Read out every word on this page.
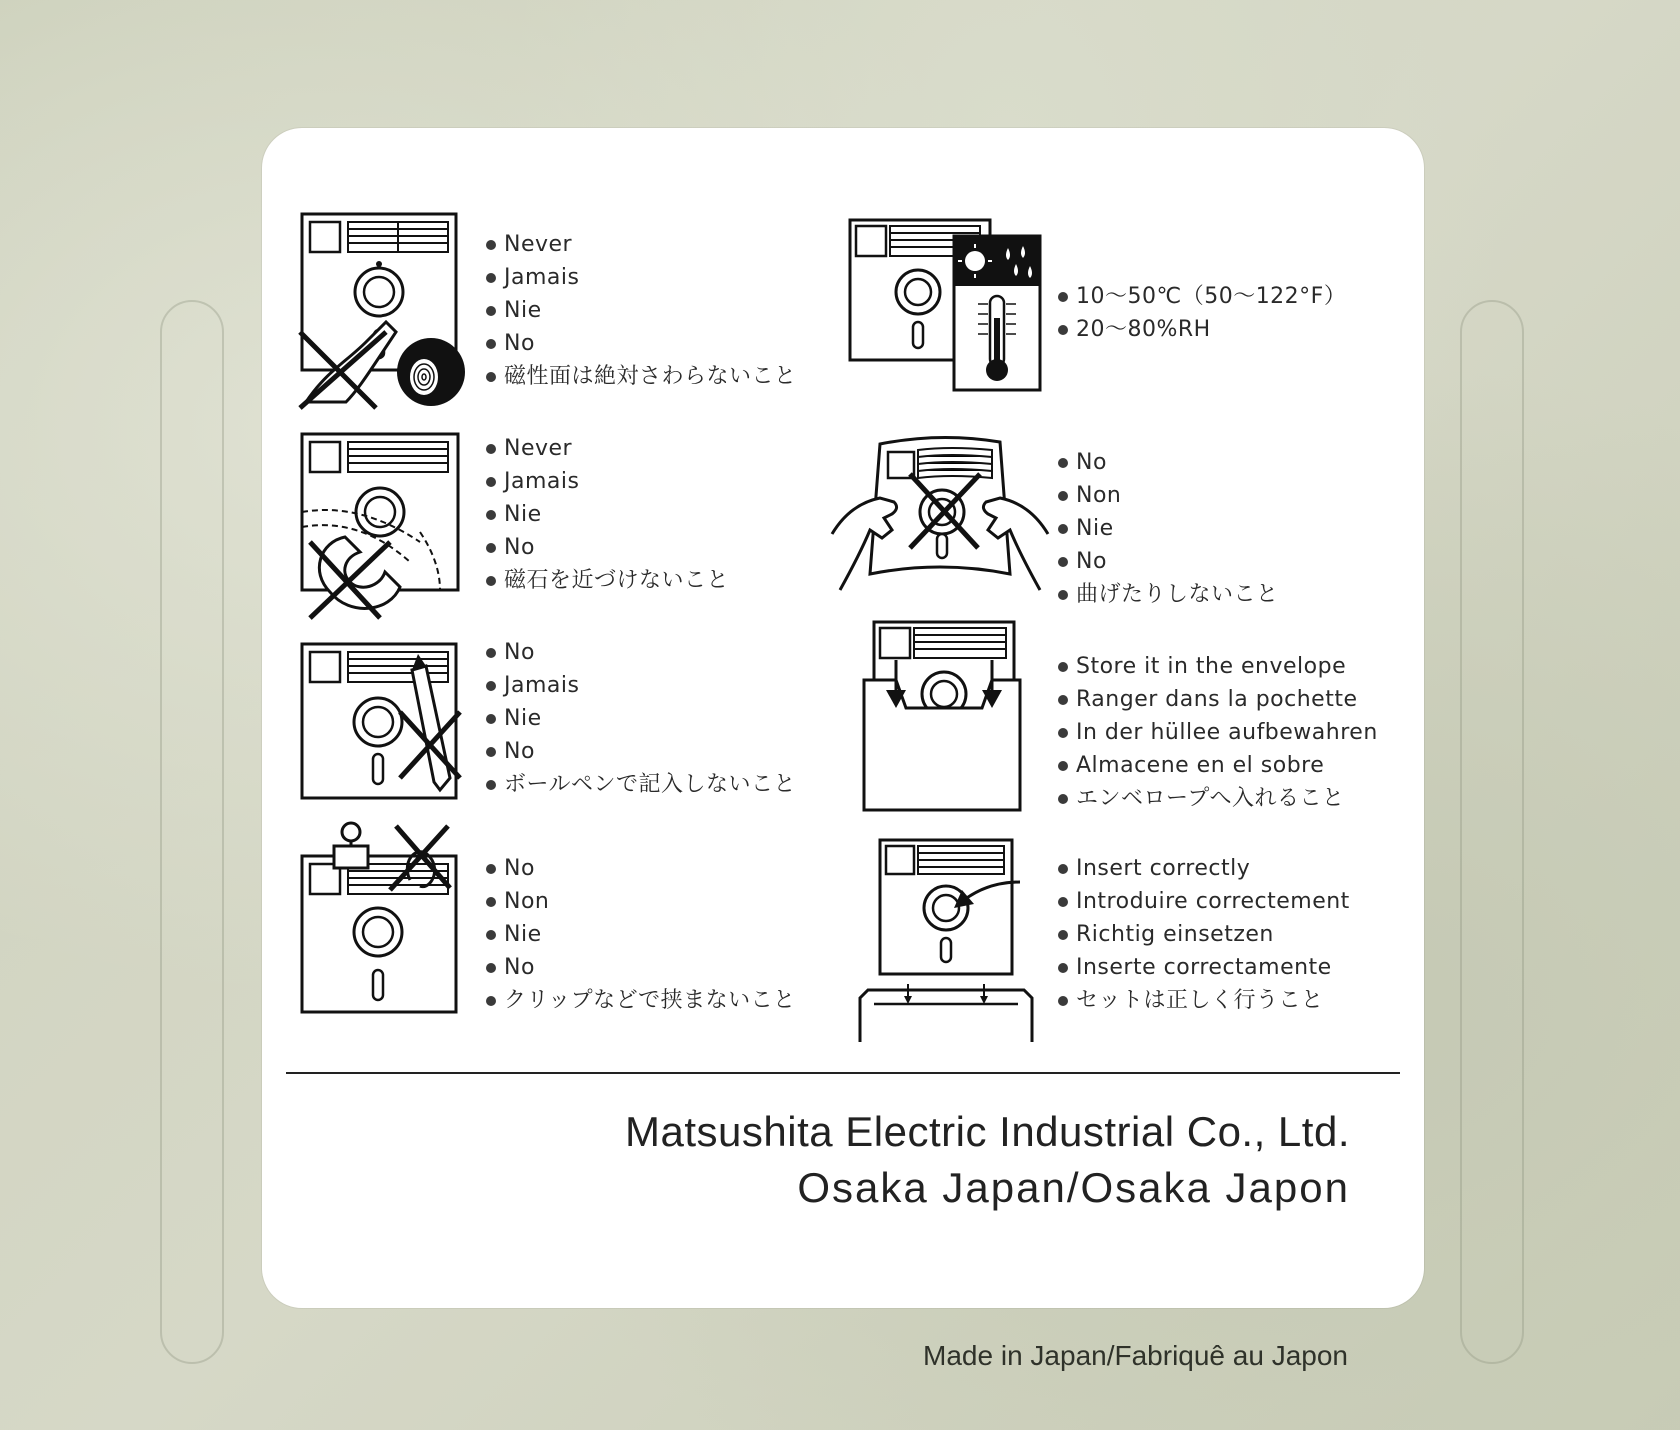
Never
Jamais
Nie
No
磁性面は絶対さわらないこと
Never
Jamais
Nie
No
磁石を近づけないこと
No
Jamais
Nie
No
ボールペンで記入しないこと
No
Non
Nie
No
クリップなどで挟まないこと
10〜50℃（50〜122°F）
20〜80%RH
No
Non
Nie
No
曲げたりしないこと
Store it in the envelope
Ranger dans la pochette
In der hüllee aufbewahren
Almacene en el sobre
エンベロープへ入れること
Insert correctly
Introduire correctement
Richtig einsetzen
Inserte correctamente
セットは正しく行うこと
Matsushita Electric Industrial Co., Ltd.
Osaka Japan/Osaka Japon
Made in Japan/Fabriquê au Japon
